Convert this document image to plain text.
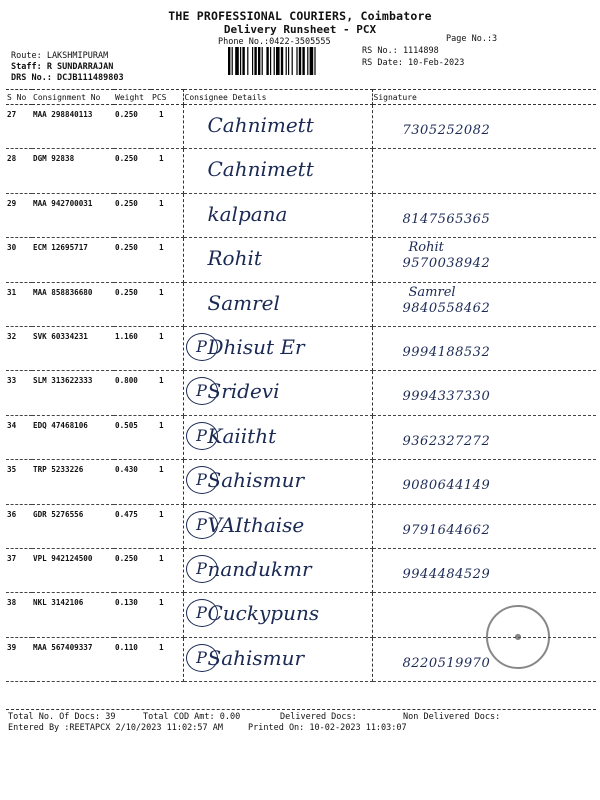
THE PROFESSIONAL COURIERS, Coimbatore
Delivery Runsheet - PCX
Phone No.:0422-3505555	Page No.:3
Route: LAKSHMIPURAM
Staff: R SUNDARRAJAN
DRS No.: DCJB111489803
RS No.: 1114898
RS Date: 10-Feb-2023
S No	Consignment No	Weight	PCS	Consignee Details	Signature
27	MAA 298840113	0.250	1	Cahnimett	7305252082

28	DGM 92838	0.250	1	Cahnimett	

29	MAA 942700031	0.250	1	kalpana	8147565365

30	ECM 12695717	0.250	1	Rohit	Rohit
9570038942

31	MAA 858836680	0.250	1	Samrel	Samrel
9840558462

32	SVK 60334231	1.160	1	P Dhisut Er	9994188532

33	SLM 313622333	0.800	1	P Sridevi	9994337330

34	EDQ 47468106	0.505	1	P Kaiitht	9362327272

35	TRP 5233226	0.430	1	P Sahismur	9080644149

36	GDR 5276556	0.475	1	P VAIthaise	9791644662

37	VPL 942124500	0.250	1	P nandukmr	9944484529

38	NKL 3142106	0.130	1	P Cuckypuns	

39	MAA 567409337	0.110	1	P Sahismur	8220519970
●
Total No. Of Docs: 39	Total COD Amt: 0.00	Delivered Docs:	Non Delivered Docs:
Entered By :REETAPCX 2/10/2023 11:02:57 AM	Printed On: 10-02-2023 11:03:07
